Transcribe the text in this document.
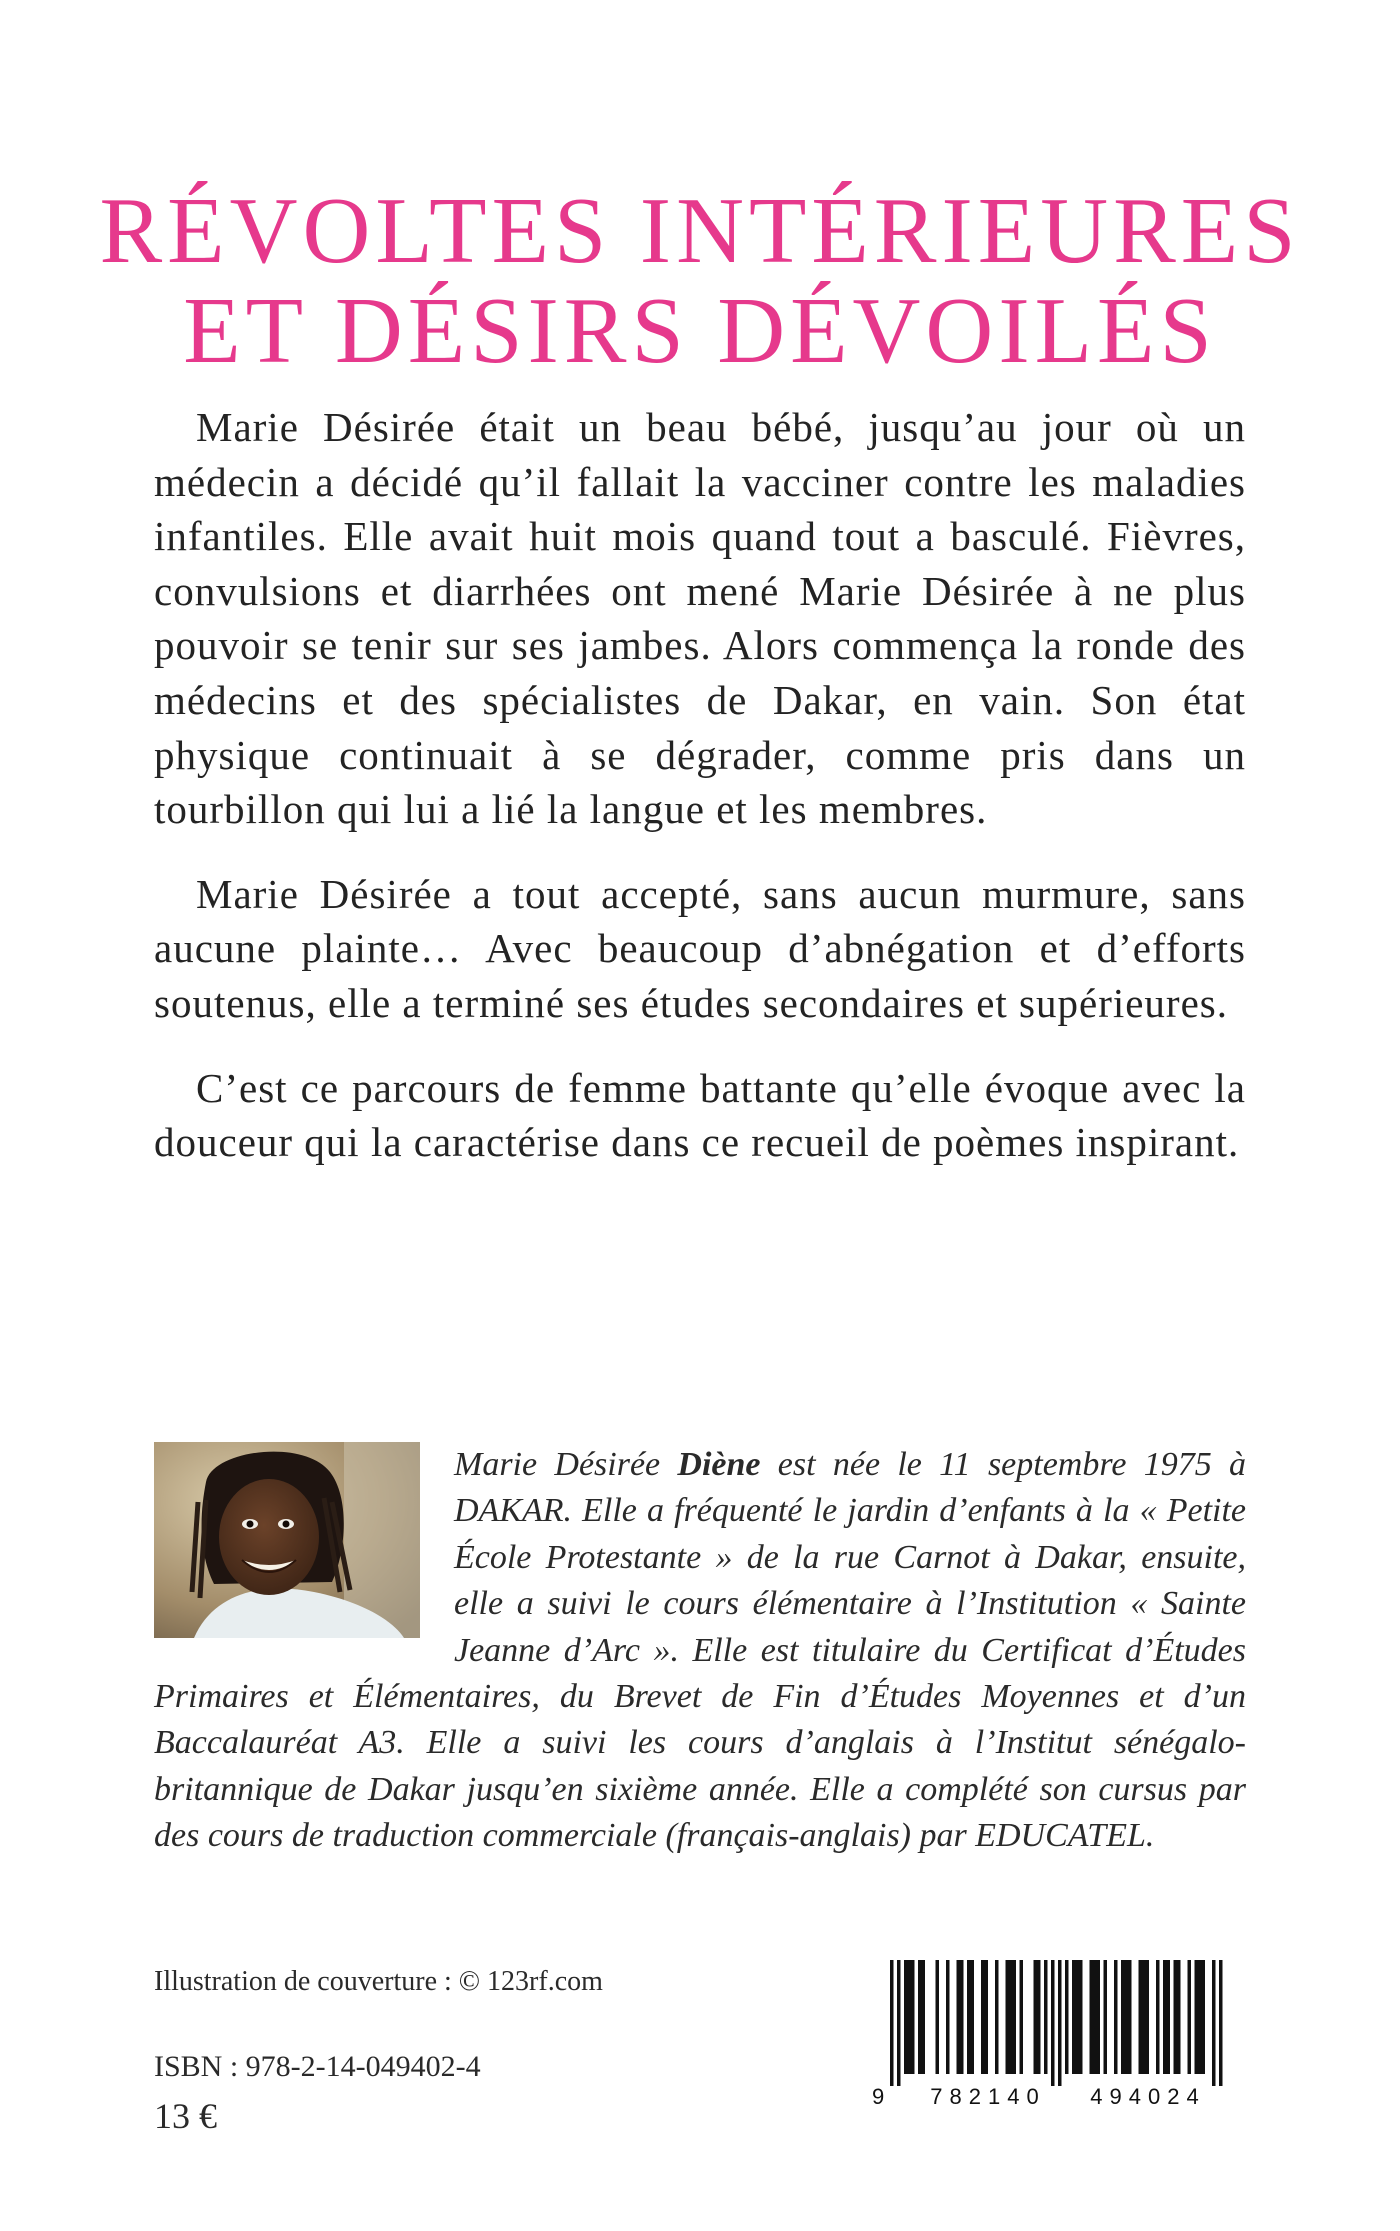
RÉVOLTES INTÉRIEURES
ET DÉSIRS DÉVOILÉS

Marie Désirée était un beau bébé, jusqu’au jour où un médecin a décidé qu’il fallait la vacciner contre les maladies infantiles. Elle avait huit mois quand tout a basculé. Fièvres, convulsions et diarrhées ont mené Marie Désirée à ne plus pouvoir se tenir sur ses jambes. Alors commença la ronde des médecins et des spécialistes de Dakar, en vain. Son état physique continuait à se dégrader, comme pris dans un tourbillon qui lui a lié la langue et les membres.

Marie Désirée a tout accepté, sans aucun murmure, sans aucune plainte… Avec beaucoup d’abnégation et d’efforts soutenus, elle a terminé ses études secondaires et supérieures.

C’est ce parcours de femme battante qu’elle évoque avec la douceur qui la caractérise dans ce recueil de poèmes inspirant.

Marie Désirée Diène est née le 11 septembre 1975 à DAKAR. Elle a fréquenté le jardin d’enfants à la « Petite École Protestante » de la rue Carnot à Dakar, ensuite, elle a suivi le cours élémentaire à l’Institution « Sainte Jeanne d’Arc ». Elle est titulaire du Certificat d’Études Primaires et Élémentaires, du Brevet de Fin d’Études Moyennes et d’un Baccalauréat A3. Elle a suivi les cours d’anglais à l’Institut sénégalo-britannique de Dakar jusqu’en sixième année. Elle a complété son cursus par des cours de traduction commerciale (français-anglais) par EDUCATEL.
Illustration de couverture : © 123rf.com
ISBN : 978-2-14-049402-4
13 €	9 782140 494024
